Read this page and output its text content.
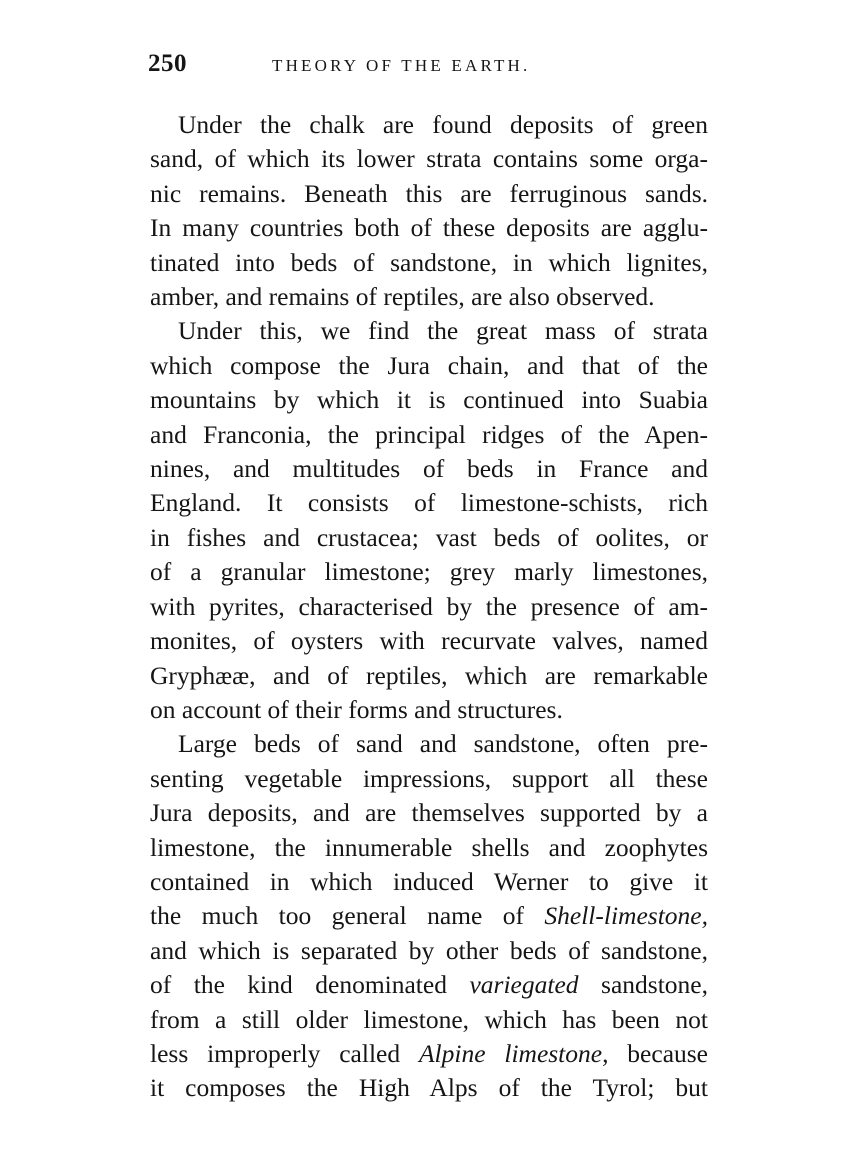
250	THEORY OF THE EARTH.
Under the chalk are found deposits of green
sand, of which its lower strata contains some orga-
nic remains. Beneath this are ferruginous sands.
In many countries both of these deposits are agglu-
tinated into beds of sandstone, in which lignites,
amber, and remains of reptiles, are also observed.
Under this, we find the great mass of strata
which compose the Jura chain, and that of the
mountains by which it is continued into Suabia
and Franconia, the principal ridges of the Apen-
nines, and multitudes of beds in France and
England. It consists of limestone-schists, rich
in fishes and crustacea; vast beds of oolites, or
of a granular limestone; grey marly limestones,
with pyrites, characterised by the presence of am-
monites, of oysters with recurvate valves, named
Gryphææ, and of reptiles, which are remarkable
on account of their forms and structures.
Large beds of sand and sandstone, often pre-
senting vegetable impressions, support all these
Jura deposits, and are themselves supported by a
limestone, the innumerable shells and zoophytes
contained in which induced Werner to give it
the much too general name of Shell-limestone,
and which is separated by other beds of sandstone,
of the kind denominated variegated sandstone,
from a still older limestone, which has been not
less improperly called Alpine limestone, because
it composes the High Alps of the Tyrol; but
